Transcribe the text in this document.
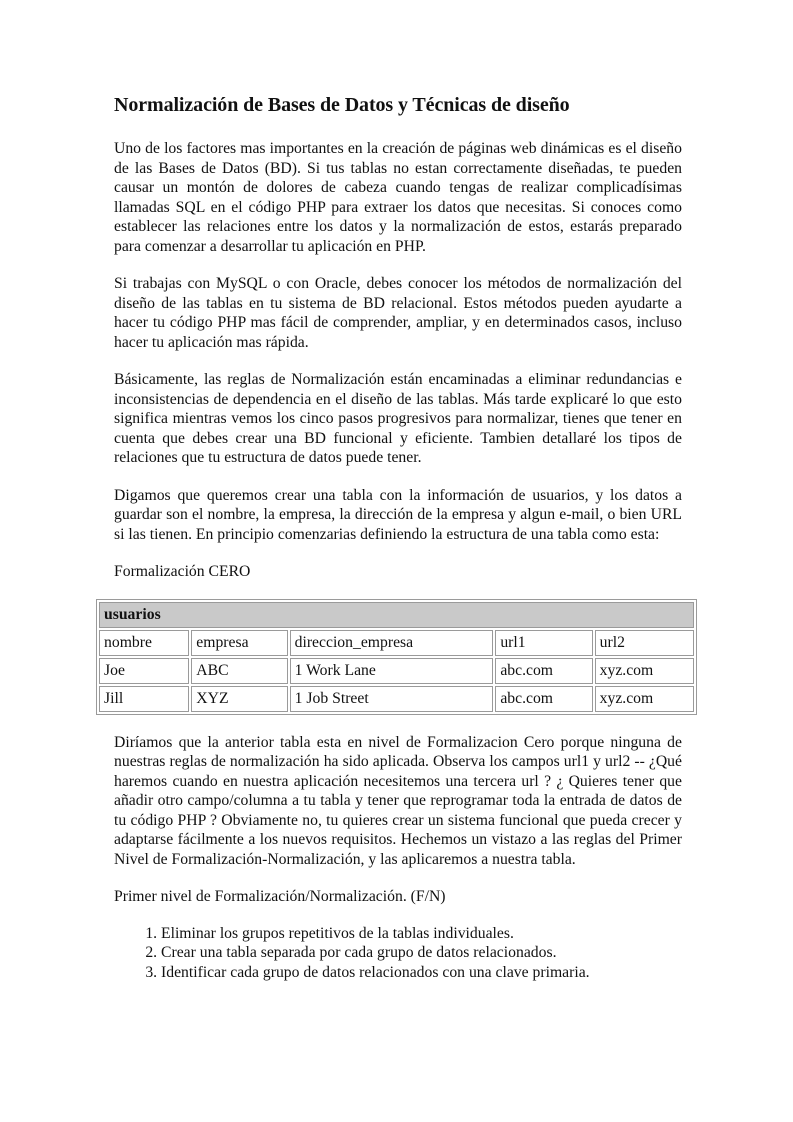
Normalización de Bases de Datos y Técnicas de diseño

Uno de los factores mas importantes en la creación de páginas web dinámicas es el diseño de las Bases de Datos (BD). Si tus tablas no estan correctamente diseñadas, te pueden causar un montón de dolores de cabeza cuando tengas de realizar complicadísimas llamadas SQL en el código PHP para extraer los datos que necesitas. Si conoces como establecer las relaciones entre los datos y la normalización de estos, estarás preparado para comenzar a desarrollar tu aplicación en PHP.

Si trabajas con MySQL o con Oracle, debes conocer los métodos de normalización del diseño de las tablas en tu sistema de BD relacional. Estos métodos pueden ayudarte a hacer tu código PHP mas fácil de comprender, ampliar, y en determinados casos, incluso hacer tu aplicación mas rápida.

Básicamente, las reglas de Normalización están encaminadas a eliminar redundancias e inconsistencias de dependencia en el diseño de las tablas. Más tarde explicaré lo que esto significa mientras vemos los cinco pasos progresivos para normalizar, tienes que tener en cuenta que debes crear una BD funcional y eficiente. Tambien detallaré los tipos de relaciones que tu estructura de datos puede tener.

Digamos que queremos crear una tabla con la información de usuarios, y los datos a guardar son el nombre, la empresa, la dirección de la empresa y algun e-mail, o bien URL si las tienen. En principio comenzarias definiendo la estructura de una tabla como esta:

Formalización CERO
usuarios				
nombre	empresa	direccion_empresa	url1	url2
Joe	ABC	1 Work Lane	abc.com	xyz.com
Jill	XYZ	1 Job Street	abc.com	xyz.com

Diríamos que la anterior tabla esta en nivel de Formalizacion Cero porque ninguna de nuestras reglas de normalización ha sido aplicada. Observa los campos url1 y url2 -- ¿Qué haremos cuando en nuestra aplicación necesitemos una tercera url ? ¿ Quieres tener que añadir otro campo/columna a tu tabla y tener que reprogramar toda la entrada de datos de tu código PHP ? Obviamente no, tu quieres crear un sistema funcional que pueda crecer y adaptarse fácilmente a los nuevos requisitos. Hechemos un vistazo a las reglas del Primer Nivel de Formalización-Normalización, y las aplicaremos a nuestra tabla.

Primer nivel de Formalización/Normalización. (F/N)
1. Eliminar los grupos repetitivos de la tablas individuales.
2. Crear una tabla separada por cada grupo de datos relacionados.
3. Identificar cada grupo de datos relacionados con una clave primaria.
